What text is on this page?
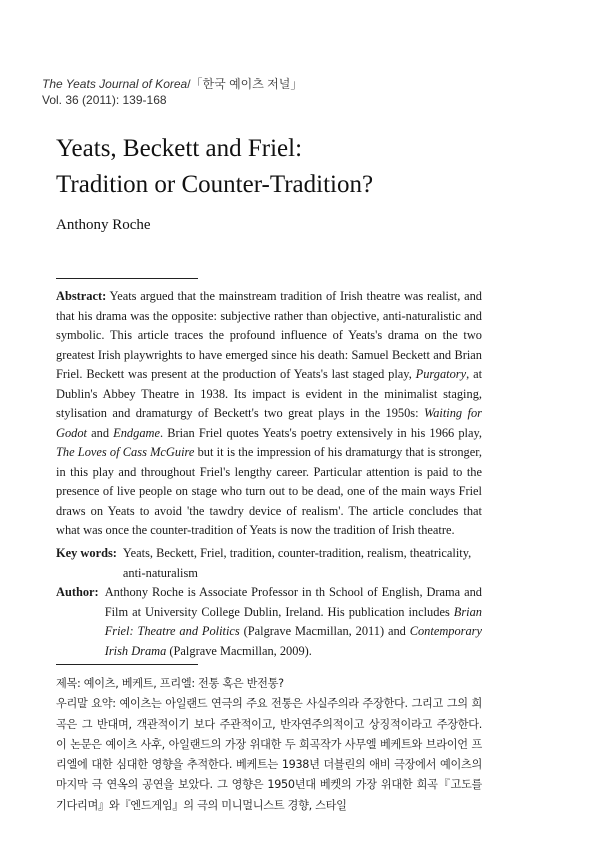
The Yeats Journal of Korea/「한국 예이츠 저널」
Vol. 36 (2011): 139-168
Yeats, Beckett and Friel:
Tradition or Counter-Tradition?
Anthony Roche

Abstract: Yeats argued that the mainstream tradition of Irish theatre was realist, and that his drama was the opposite: subjective rather than objective, anti-naturalistic and symbolic. This article traces the profound influence of Yeats's drama on the two greatest Irish playwrights to have emerged since his death: Samuel Beckett and Brian Friel. Beckett was present at the production of Yeats's last staged play, Purgatory, at Dublin's Abbey Theatre in 1938. Its impact is evident in the minimalist staging, stylisation and dramaturgy of Beckett's two great plays in the 1950s: Waiting for Godot and Endgame. Brian Friel quotes Yeats's poetry extensively in his 1966 play, The Loves of Cass McGuire but it is the impression of his dramaturgy that is stronger, in this play and throughout Friel's lengthy career. Particular attention is paid to the presence of live people on stage who turn out to be dead, one of the main ways Friel draws on Yeats to avoid 'the tawdry device of realism'. The article concludes that what was once the counter-tradition of Yeats is now the tradition of Irish theatre.

Key words: Yeats, Beckett, Friel, tradition, counter-tradition, realism, theatricality, anti-naturalism
Author: Anthony Roche is Associate Professor in th School of English, Drama and Film at University College Dublin, Ireland. His publication includes Brian Friel: Theatre and Politics (Palgrave Macmillan, 2011) and Contemporary Irish Drama (Palgrave Macmillan, 2009).
제목: 예이츠, 베케트, 프리엘: 전통 혹은 반전통?
우리말 요약: 예이츠는 아일랜드 연극의 주요 전통은 사실주의라 주장한다. 그리고 그의 희곡은 그 반대며, 객관적이기 보다 주관적이고, 반자연주의적이고 상징적이라고 주장한다. 이 논문은 예이츠 사후, 아일랜드의 가장 위대한 두 희곡작가 사무엘 베케트와 브라이언 프리엘에 대한 심대한 영향을 추적한다. 베케트는 1938년 더블린의 애비 극장에서 예이츠의 마지막 극 연옥의 공연을 보았다. 그 영향은 1950년대 베켓의 가장 위대한 희곡『고도를 기다리며』와『엔드게임』의 극의 미니멀니스트 경향, 스타일
